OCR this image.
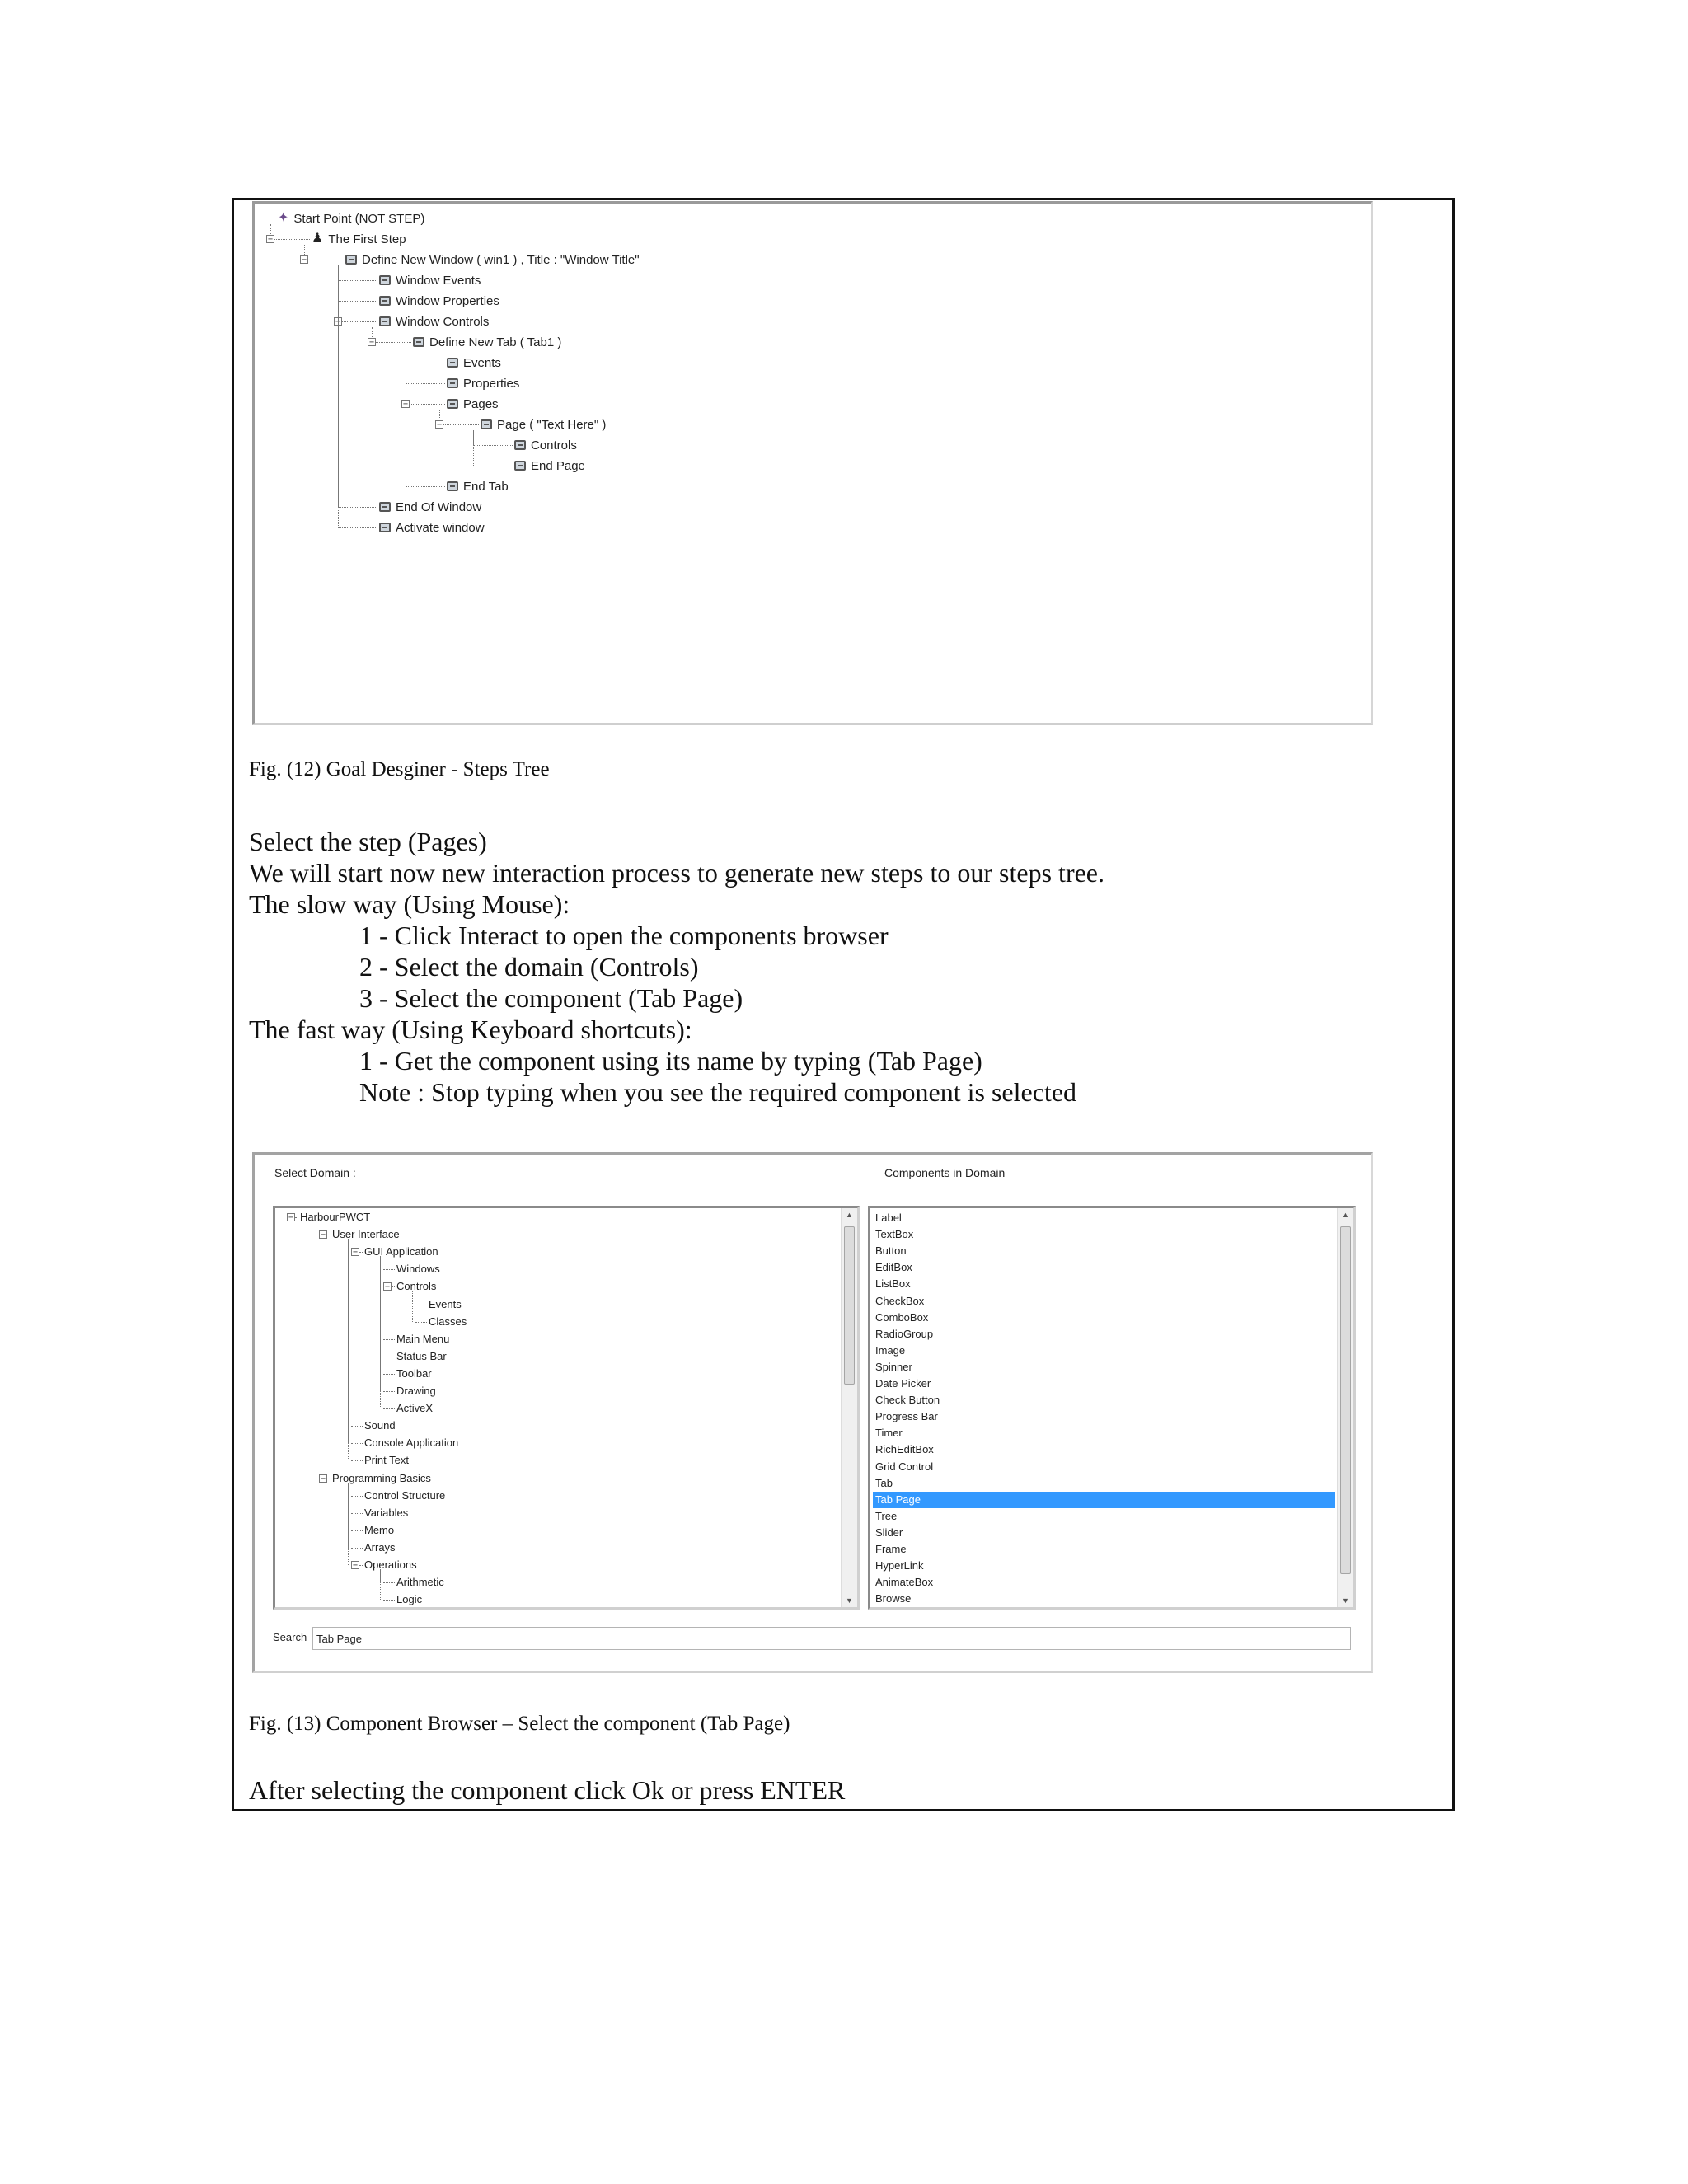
✦ Start Point (NOT STEP)
♟ The First Step
−
Define New Window ( win1 ) , Title : "Window Title"
−
Window Events
Window Properties
Window Controls
−
Define New Tab ( Tab1 )
−
Events
Properties
Pages
−
Page ( "Text Here" )
−
Controls
End Page
End Tab
End Of Window
Activate window
Fig. (12) Goal Desginer - Steps Tree
Select the step (Pages)
We will start now new interaction process to generate new steps to our steps tree.
The slow way (Using Mouse):
1 - Click Interact to open the components browser
2 - Select the domain (Controls)
3 - Select the component (Tab Page)
The fast way (Using Keyboard shortcuts):
1 - Get the component using its name by typing (Tab Page)
Note : Stop typing when you see the required component is selected
Select Domain :	Components in Domain
▲
▼
HarbourPWCT
−
User Interface
−
GUI Application
−
Windows
Controls
−
Events
Classes
Main Menu
Status Bar
Toolbar
Drawing
ActiveX
Sound
Console Application
Print Text
Programming Basics
−
Control Structure
Variables
Memo
Arrays
Operations
−
Arithmetic
Logic
▲
▼
Label
TextBox
Button
EditBox
ListBox
CheckBox
ComboBox
RadioGroup
Image
Spinner
Date Picker
Check Button
Progress Bar
Timer
RichEditBox
Grid Control
Tab
Tab Page
Tree
Slider
Frame
HyperLink
AnimateBox
Browse
Search
Tab Page
Fig. (13) Component Browser – Select the component (Tab Page)
After selecting the component click Ok or press ENTER
